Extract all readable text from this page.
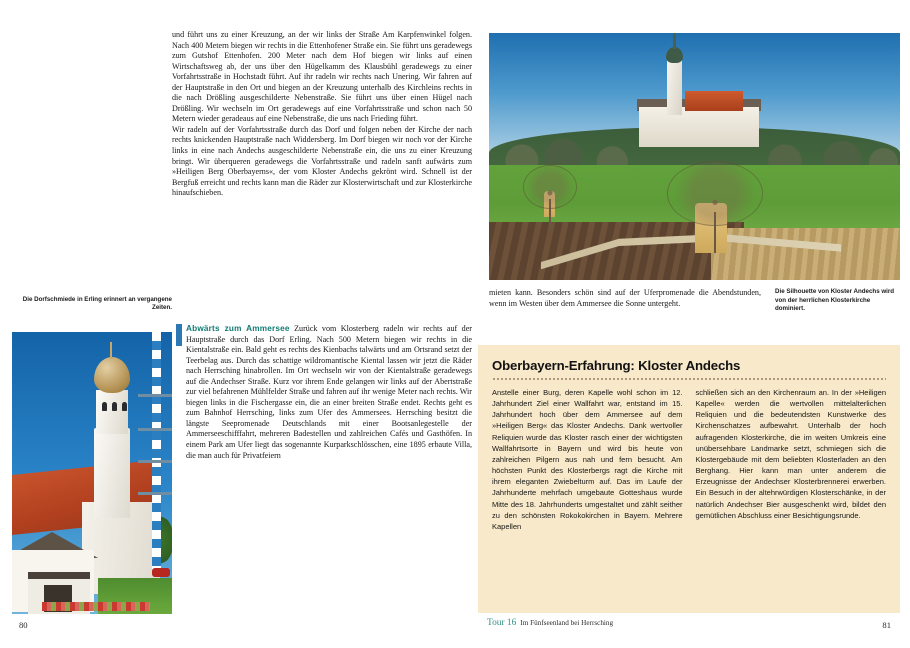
und führt uns zu einer Kreuzung, an der wir links der Straße Am Karpfenwinkel folgen. Nach 400 Metern biegen wir rechts in die Ettenhofener Straße ein. Sie führt uns geradewegs zum Gutshof Ettenhofen. 200 Meter nach dem Hof biegen wir links auf einen Wirtschaftsweg ab, der uns über den Hügelkamm des Klausbühl geradewegs zu einer Vorfahrtsstraße in Hochstadt führt. Auf ihr radeln wir rechts nach Unering. Wir fahren auf der Hauptstraße in den Ort und biegen an der Kreuzung unterhalb des Kirchleins rechts in die nach Drößling ausgeschilderte Nebenstraße. Sie führt uns über einen Hügel nach Drößling. Wir wechseln im Ort geradewegs auf eine Vorfahrtsstraße und schon nach 50 Metern wieder geradeaus auf eine Nebenstraße, die uns nach Frieding führt.

Wir radeln auf der Vorfahrtsstraße durch das Dorf und folgen neben der Kirche der nach rechts knickenden Hauptstraße nach Widdersberg. Im Dorf biegen wir noch vor der Kirche links in eine nach Andechs ausgeschilderte Nebenstraße ein, die uns zu einer Kreuzung bringt. Wir überqueren geradewegs die Vorfahrtsstraße und radeln sanft aufwärts zum »Heiligen Berg Oberbayerns«, der vom Kloster Andechs gekrönt wird. Schnell ist der Bergfuß erreicht und rechts kann man die Räder zur Klosterwirtschaft und zur Klosterkirche hinaufschieben.

Die Dorfschmiede in Erling erinnert an vergangene Zeiten.

Abwärts zum Ammersee Zurück vom Klosterberg radeln wir rechts auf der Hauptstraße durch das Dorf Erling. Nach 500 Metern biegen wir rechts in die Kientalstraße ein. Bald geht es rechts des Kienbachs talwärts und am Ortsrand setzt der Teerbelag aus. Durch das schattige wildromantische Kiental lassen wir jetzt die Räder nach Herrsching hinabrollen. Im Ort wechseln wir von der Kientalstraße geradewegs auf die Andechser Straße. Kurz vor ihrem Ende gelangen wir links auf der Abertstraße zur viel befahrenen Mühlfelder Straße und fahren auf ihr wenige Meter nach rechts. Wir biegen links in die Fischergasse ein, die an einer breiten Straße endet. Rechts geht es zum Bahnhof Herrsching, links zum Ufer des Ammersees. Herrsching besitzt die längste Seepromenade Deutschlands mit einer Bootsanlegestelle der Ammerseeschifffahrt, mehreren Badestellen und zahlreichen Cafés und Gasthöfen. In einem Park am Ufer liegt das sogenannte Kurparkschlösschen, eine 1895 erbaute Villa, die man auch für Privatfeiern

80

mieten kann. Besonders schön sind auf der Uferpromenade die Abendstunden, wenn im Westen über dem Ammersee die Sonne untergeht.

Die Silhouette von Kloster Andechs wird von der herrlichen Klosterkirche dominiert.
Oberbayern-Erfahrung: Kloster Andechs
Anstelle einer Burg, deren Kapelle wohl schon im 12. Jahrhundert Ziel einer Wallfahrt war, entstand im 15. Jahrhundert hoch über dem Ammersee auf dem »Heiligen Berg« das Kloster Andechs. Dank wertvoller Reliquien wurde das Kloster rasch einer der wichtigsten Wallfahrtsorte in Bayern und wird bis heute von zahlreichen Pilgern aus nah und fern besucht. Am höchsten Punkt des Klosterbergs ragt die Kirche mit ihrem eleganten Zwiebelturm auf. Das im Laufe der Jahrhunderte mehrfach umgebaute Gotteshaus wurde Mitte des 18. Jahrhunderts umgestaltet und zählt seither zu den schönsten Rokokokirchen in Bayern. Mehrere Kapellen
schließen sich an den Kirchenraum an. In der »Heiligen Kapelle« werden die wertvollen mittelalterlichen Reliquien und die bedeutendsten Kunstwerke des Kirchenschatzes aufbewahrt. Unterhalb der hoch aufragenden Klosterkirche, die im weiten Umkreis eine unübersehbare Landmarke setzt, schmiegen sich die Klostergebäude mit dem beliebten Klosterladen an den Berghang. Hier kann man unter anderem die Erzeugnisse der Andechser Klosterbrennerei erwerben. Ein Besuch in der altehrwürdigen Klosterschänke, in der natürlich Andechser Bier ausgeschenkt wird, bildet den gemütlichen Abschluss einer Besichtigungsrunde.
Tour 16 Im Fünfseenland bei Herrsching	81
